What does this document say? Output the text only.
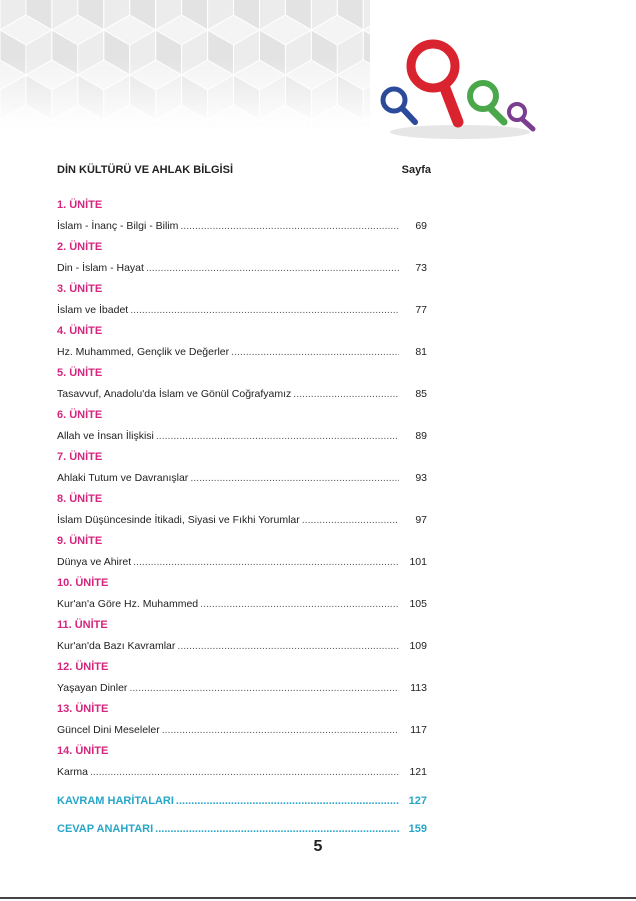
DİN KÜLTÜRÜ VE AHLAK BİLGİSİ	Sayfa
1. ÜNİTE
İslam - İnanç - Bilgi - Bilim .....	69
2. ÜNİTE
Din - İslam - Hayat .....	73
3. ÜNİTE
İslam ve İbadet .....	77
4. ÜNİTE
Hz. Muhammed, Gençlik ve Değerler .....	81
5. ÜNİTE
Tasavvuf, Anadolu'da İslam ve Gönül Coğrafyamız .....	85
6. ÜNİTE
Allah ve İnsan İlişkisi .....	89
7. ÜNİTE
Ahlaki Tutum ve Davranışlar .....	93
8. ÜNİTE
İslam Düşüncesinde İtikadi, Siyasi ve Fıkhi Yorumlar .....	97
9. ÜNİTE
Dünya ve Ahiret .....	101
10. ÜNİTE
Kur'an'a Göre Hz. Muhammed .....	105
11. ÜNİTE
Kur'an'da Bazı Kavramlar .....	109
12. ÜNİTE
Yaşayan Dinler .....	113
13. ÜNİTE
Güncel Dini Meseleler .....	117
14. ÜNİTE
Karma .....	121
KAVRAM HARİTALARI .....	127
CEVAP ANAHTARI .....	159
5
